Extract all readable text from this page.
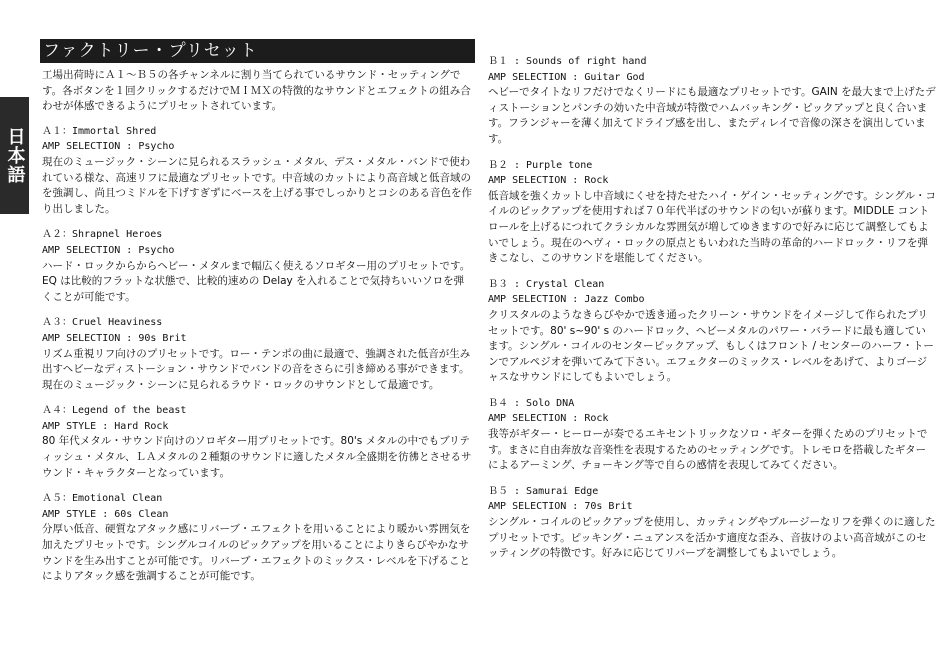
日本語
ファクトリー・プリセット

工場出荷時にＡ１～Ｂ５の各チャンネルに割り当てられているサウンド・セッティングです。各ボタンを１回クリックするだけでＭＩＭＸの特徴的なサウンドとエフェクトの組み合わせが体感できるようにプリセットされています。

Ａ１：Immortal Shred
AMP SELECTION : Psycho

現在のミュージック・シーンに見られるスラッシュ・メタル、デス・メタル・バンドで使われている様な、高速リフに最適なプリセットです。中音域のカットにより高音域と低音域のを強調し、尚且つミドルを下げすぎずにベースを上げる事でしっかりとコシのある音色を作り出しました。

Ａ２：Shrapnel Heroes
AMP SELECTION : Psycho

ハード・ロックからからヘビー・メタルまで幅広く使えるソロギター用のプリセットです。EQ は比較的フラットな状態で、比較的速めの Delay を入れることで気持ちいいソロを弾くことが可能です。

Ａ３：Cruel Heaviness
AMP SELECTION : 90s Brit

リズム重視リフ向けのプリセットです。ロー・テンポの曲に最適で、強調された低音が生み出すヘビーなディストーション・サウンドでバンドの音をさらに引き締める事ができます。現在のミュージック・シーンに見られるラウド・ロックのサウンドとして最適です。

Ａ４：Legend of the beast
AMP STYLE : Hard Rock

80 年代メタル・サウンド向けのソロギター用プリセットです。80's メタルの中でもブリティッシュ・メタル、ＬＡメタルの２種類のサウンドに適したメタル全盛期を彷彿とさせるサウンド・キャラクターとなっています。

Ａ５：Emotional Clean
AMP STYLE : 60s Clean

分厚い低音、硬質なアタック感にリバーブ・エフェクトを用いることにより暖かい雰囲気を加えたプリセットです。シングルコイルのピックアップを用いることによりきらびやかなサウンドを生み出すことが可能です。リバーブ・エフェクトのミックス・レベルを下げることによりアタック感を強調することが可能です。

Ｂ１ : Sounds of right hand
AMP SELECTION : Guitar God

ヘビーでタイトなリフだけでなくリードにも最適なプリセットです。GAIN を最大まで上げたディストーションとパンチの効いた中音域が特徴でハムバッキング・ピックアップと良く合います。フランジャーを薄く加えてドライブ感を出し、またディレイで音像の深さを演出しています。

Ｂ２ : Purple tone
AMP SELECTION : Rock

低音域を強くカットし中音域にくせを持たせたハイ・ゲイン・セッティングです。シングル・コイルのピックアップを使用すれば７０年代半ばのサウンドの匂いが蘇ります。MIDDLE コントロールを上げるにつれてクラシカルな雰囲気が増してゆきますので好みに応じて調整してもよいでしょう。現在のヘヴィ・ロックの原点ともいわれた当時の革命的ハードロック・リフを弾きこなし、このサウンドを堪能してください。

Ｂ３ : Crystal Clean
AMP SELECTION : Jazz Combo

クリスタルのようなきらびやかで透き通ったクリーン・サウンドをイメージして作られたプリセットです。80' s~90' s のハードロック、ヘビーメタルのパワー・バラードに最も適しています。シングル・コイルのセンターピックアップ、もしくはフロント / センターのハーフ・トーンでアルペジオを弾いてみて下さい。エフェクターのミックス・レベルをあげて、よりゴージャスなサウンドにしてもよいでしょう。

Ｂ４ : Solo DNA
AMP SELECTION : Rock

我等がギター・ヒーローが奏でるエキセントリックなソロ・ギターを弾くためのプリセットです。まさに自由奔放な音楽性を表現するためのセッティングです。トレモロを搭載したギターによるアーミング、チョーキング等で自らの感情を表現してみてください。

Ｂ５ : Samurai Edge
AMP SELECTION : 70s Brit

シングル・コイルのピックアップを使用し、カッティングやブルージーなリフを弾くのに適したプリセットです。ピッキング・ニュアンスを活かす適度な歪み、音抜けのよい高音域がこのセッティングの特徴です。好みに応じてリバーブを調整してもよいでしょう。
